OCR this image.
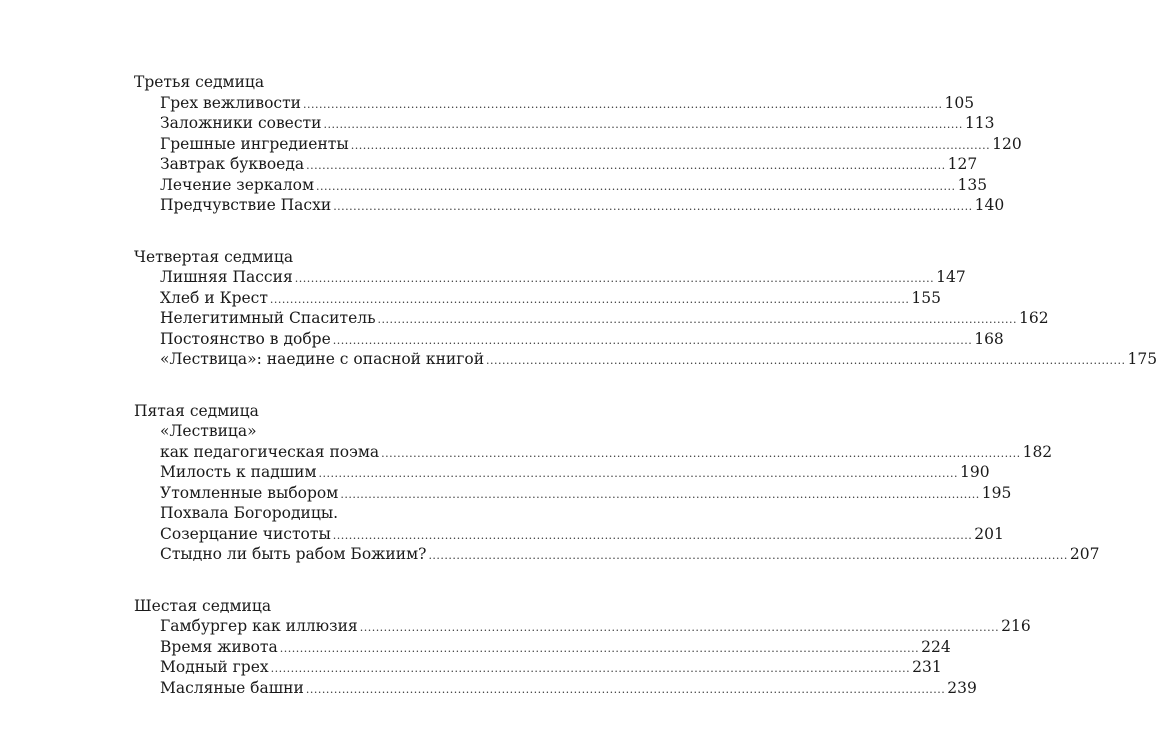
Третья седмица
Грех вежливости .....	105
Заложники совести .....	113
Грешные ингредиенты .....	120
Завтрак буквоеда .....	127
Лечение зеркалом .....	135
Предчувствие Пасхи .....	140
Четвертая седмица
Лишняя Пассия .....	147
Хлеб и Крест .....	155
Нелегитимный Спаситель .....	162
Постоянство в добре .....	168
«Лествица»: наедине с опасной книгой .....	175
Пятая седмица
«Лествица»
как педагогическая поэма .....	182
Милость к падшим .....	190
Утомленные выбором .....	195
Похвала Богородицы.
Созерцание чистоты .....	201
Стыдно ли быть рабом Божиим? .....	207
Шестая седмица
Гамбургер как иллюзия .....	216
Время живота .....	224
Модный грех .....	231
Масляные башни .....	239
